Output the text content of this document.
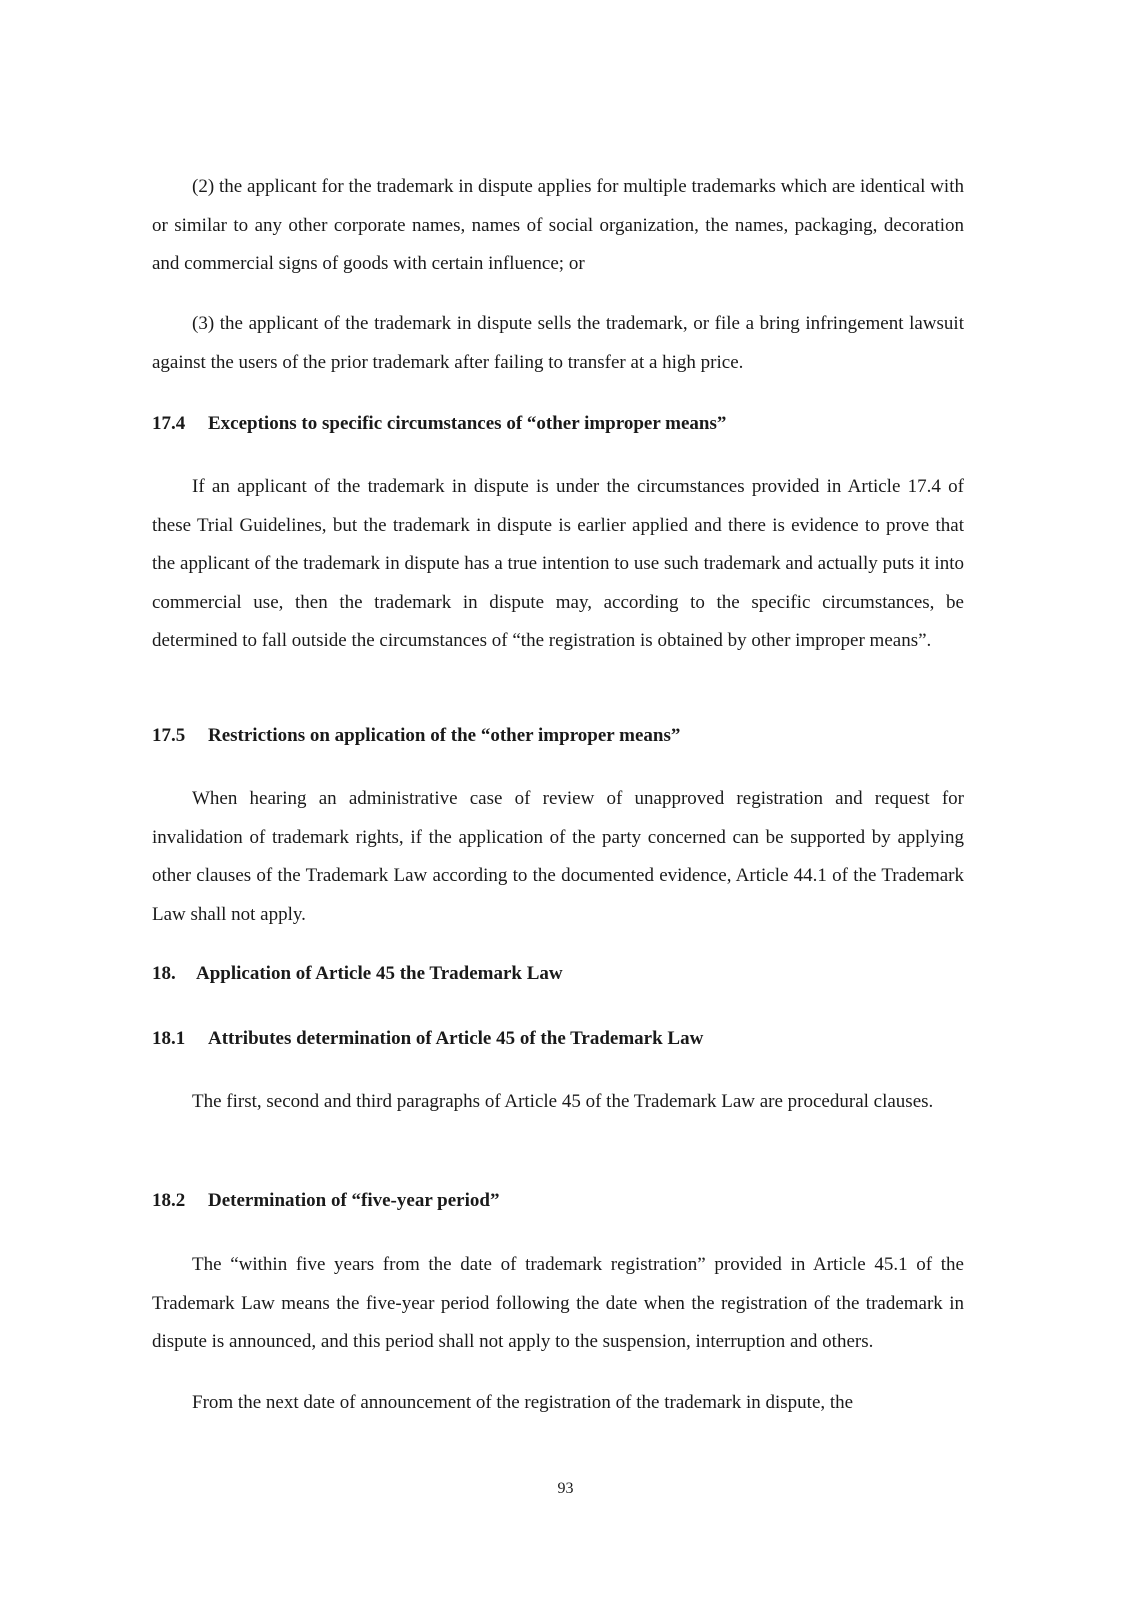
(2) the applicant for the trademark in dispute applies for multiple trademarks which are identical with or similar to any other corporate names, names of social organization, the names, packaging, decoration and commercial signs of goods with certain influence; or

(3) the applicant of the trademark in dispute sells the trademark, or file a bring infringement lawsuit against the users of the prior trademark after failing to transfer at a high price.

17.4 Exceptions to specific circumstances of “other improper means”

If an applicant of the trademark in dispute is under the circumstances provided in Article 17.4 of these Trial Guidelines, but the trademark in dispute is earlier applied and there is evidence to prove that the applicant of the trademark in dispute has a true intention to use such trademark and actually puts it into commercial use, then the trademark in dispute may, according to the specific circumstances, be determined to fall outside the circumstances of “the registration is obtained by other improper means”.

17.5 Restrictions on application of the “other improper means”

When hearing an administrative case of review of unapproved registration and request for invalidation of trademark rights, if the application of the party concerned can be supported by applying other clauses of the Trademark Law according to the documented evidence, Article 44.1 of the Trademark Law shall not apply.

18. Application of Article 45 the Trademark Law

18.1 Attributes determination of Article 45 of the Trademark Law

The first, second and third paragraphs of Article 45 of the Trademark Law are procedural clauses.

18.2 Determination of “five-year period”

The “within five years from the date of trademark registration” provided in Article 45.1 of the Trademark Law means the five-year period following the date when the registration of the trademark in dispute is announced, and this period shall not apply to the suspension, interruption and others.

From the next date of announcement of the registration of the trademark in dispute, the

93
